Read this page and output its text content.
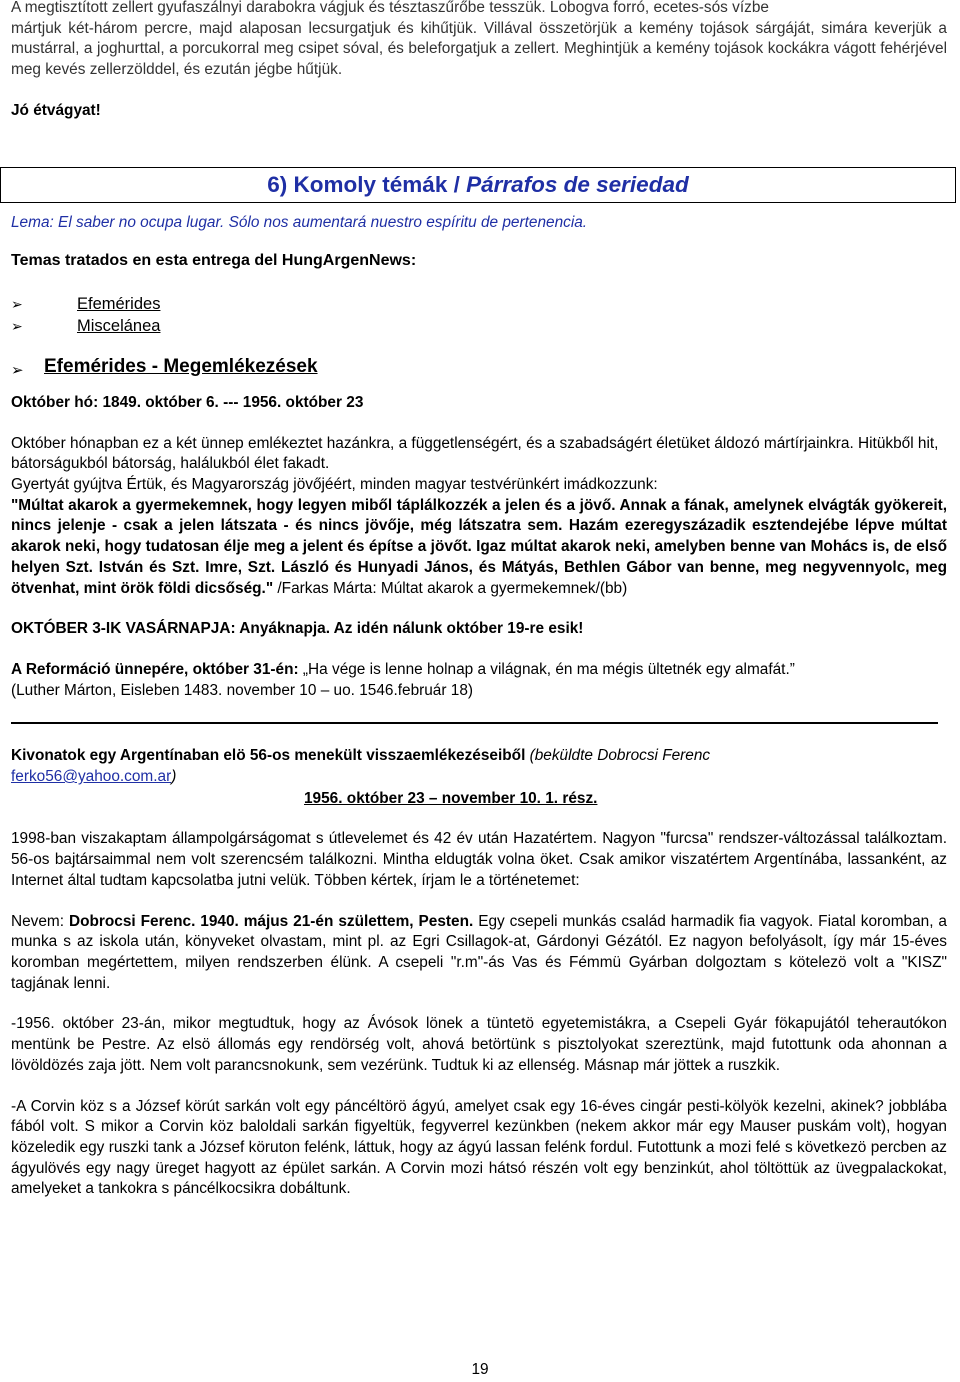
A megtisztított zellert gyufaszálnyi darabokra vágjuk és tésztaszűrőbe tesszük. Lobogva forró, ecetes-sós vízbe

mártjuk két-három percre, majd alaposan lecsurgatjuk és kihűtjük. Villával összetörjük a kemény tojások sárgáját, simára keverjük a mustárral, a joghurttal, a porcukorral meg csipet sóval, és beleforgatjuk a zellert. Meghintjük a kemény tojások kockákra vágott fehérjével meg kevés zellerzölddel, és ezután jégbe hűtjük.

Jó étvágyat!

6) Komoly témák / Párrafos de seriedad

Lema: El saber no ocupa lugar. Sólo nos aumentará nuestro espíritu de pertenencia.

Temas tratados en esta entrega del HungArgenNews:

➢	Efemérides
➢	Miscelánea
➢ Efemérides - Megemlékezések

Október hó: 1849. október 6. --- 1956. október 23

Október hónapban ez a két ünnep emlékeztet hazánkra, a függetlenségért, és a szabadságért életüket áldozó mártírjainkra. Hitükből hit, bátorságukból bátorság, halálukból élet fakadt.

Gyertyát gyújtva Értük, és Magyarország jövőjéért, minden magyar testvérünkért imádkozzunk:
"Múltat akarok a gyermekemnek, hogy legyen miből táplálkozzék a jelen és a jövő. Annak a fának, amelynek elvágták gyökereit, nincs jelenje - csak a jelen látszata - és nincs jövője, még látszatra sem. Hazám ezeregyszázadik esztendejébe lépve múltat akarok neki, hogy tudatosan élje meg a jelent és építse a jövőt. Igaz múltat akarok neki, amelyben benne van Mohács is, de első helyen Szt. István és Szt. Imre, Szt. László és Hunyadi János, és Mátyás, Bethlen Gábor van benne, meg negyvennyolc, meg ötvenhat, mint örök földi dicsőség." /Farkas Márta: Múltat akarok a gyermekemnek/(bb)

OKTÓBER 3-IK VASÁRNAPJA: Anyáknapja. Az idén nálunk október 19-re esik!

A Reformáció ünnepére, október 31-én: „Ha vége is lenne holnap a világnak, én ma mégis ültetnék egy almafát.”
(Luther Márton, Eisleben 1483. november 10 – uo. 1546.február 18)

Kivonatok egy Argentínaban elö 56-os menekült visszaemlékezéseiből (beküldte Dobrocsi Ferenc
ferko56@yahoo.com.ar)

1956. október 23 – november 10. 1. rész.

1998-ban viszakaptam állampolgárságomat s útlevelemet és 42 év után Hazatértem. Nagyon "furcsa" rendszer-változással találkoztam. 56-os bajtársaimmal nem volt szerencsém találkozni. Mintha eldugták volna öket. Csak amikor viszatértem Argentínába, lassanként, az Internet által tudtam kapcsolatba jutni velük. Többen kértek, írjam le a történetemet:

Nevem: Dobrocsi Ferenc. 1940. május 21-én születtem, Pesten. Egy csepeli munkás család harmadik fia vagyok. Fiatal koromban, a munka s az iskola után, könyveket olvastam, mint pl. az Egri Csillagok-at, Gárdonyi Gézától. Ez nagyon befolyásolt, így már 15-éves koromban megértettem, milyen rendszerben élünk. A csepeli "r.m"-ás Vas és Fémmü Gyárban dolgoztam s kötelezö volt a "KISZ" tagjának lenni.

-1956. október 23-án, mikor megtudtuk, hogy az Ávósok lönek a tüntetö egyetemistákra, a Csepeli Gyár fökapujától teherautókon mentünk be Pestre. Az elsö állomás egy rendörség volt, ahová betörtünk s pisztolyokat szereztünk, majd futottunk oda ahonnan a lövöldözés zaja jött. Nem volt parancsnokunk, sem vezérünk. Tudtuk ki az ellenség. Másnap már jöttek a ruszkik.

-A Corvin köz s a József körút sarkán volt egy páncéltörö ágyú, amelyet csak egy 16-éves cingár pesti-kölyök kezelni, akinek? jobblába fából volt. S mikor a Corvin köz baloldali sarkán figyeltük, fegyverrel kezünkben (nekem akkor már egy Mauser puskám volt), hogyan közeledik egy ruszki tank a József köruton felénk, láttuk, hogy az ágyú lassan felénk fordul. Futottunk a mozi felé s következö percben az ágyulövés egy nagy üreget hagyott az épület sarkán. A Corvin mozi hátsó részén volt egy benzinkút, ahol töltöttük az üvegpalackokat, amelyeket a tankokra s páncélkocsikra dobáltunk.

19
